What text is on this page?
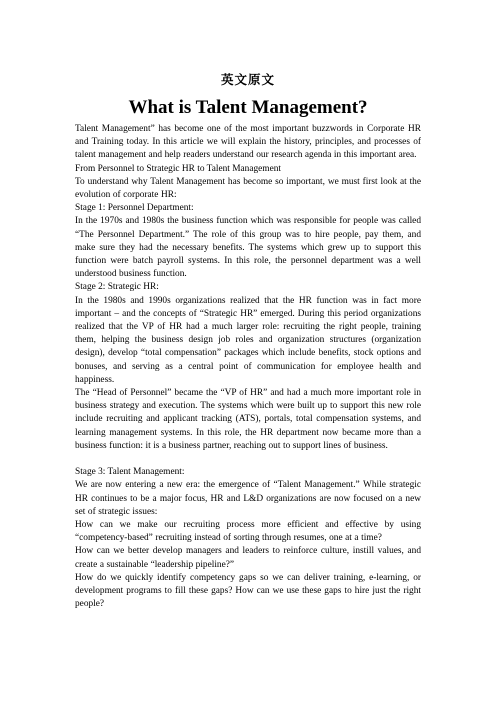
英文原文
What is Talent Management?

Talent Management” has become one of the most important buzzwords in Corporate HR and Training today. In this article we will explain the history, principles, and processes of talent management and help readers understand our research agenda in this important area.

From Personnel to Strategic HR to Talent Management

To understand why Talent Management has become so important, we must first look at the evolution of corporate HR:

Stage 1: Personnel Department:

In the 1970s and 1980s the business function which was responsible for people was called “The Personnel Department.” The role of this group was to hire people, pay them, and make sure they had the necessary benefits. The systems which grew up to support this function were batch payroll systems. In this role, the personnel department was a well understood business function.

Stage 2: Strategic HR:

In the 1980s and 1990s organizations realized that the HR function was in fact more important – and the concepts of “Strategic HR” emerged. During this period organizations realized that the VP of HR had a much larger role: recruiting the right people, training them, helping the business design job roles and organization structures (organization design), develop “total compensation” packages which include benefits, stock options and bonuses, and serving as a central point of communication for employee health and happiness.

The “Head of Personnel” became the “VP of HR” and had a much more important role in business strategy and execution. The systems which were built up to support this new role include recruiting and applicant tracking (ATS), portals, total compensation systems, and learning management systems. In this role, the HR department now became more than a business function: it is a business partner, reaching out to support lines of business.

Stage 3: Talent Management:

We are now entering a new era: the emergence of “Talent Management.” While strategic HR continues to be a major focus, HR and L&D organizations are now focused on a new set of strategic issues:

How can we make our recruiting process more efficient and effective by using “competency-based” recruiting instead of sorting through resumes, one at a time?

How can we better develop managers and leaders to reinforce culture, instill values, and create a sustainable “leadership pipeline?”

How do we quickly identify competency gaps so we can deliver training, e-learning, or development programs to fill these gaps? How can we use these gaps to hire just the right people?
